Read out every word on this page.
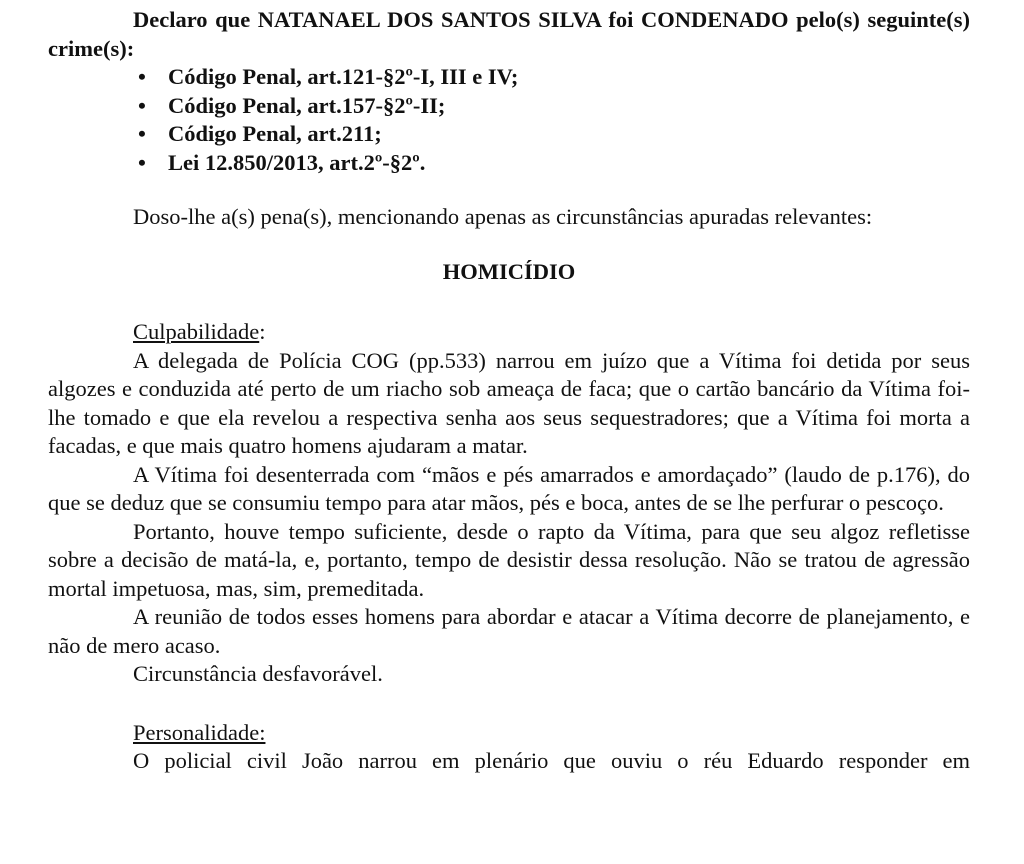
Declaro que NATANAEL DOS SANTOS SILVA foi CONDENADO pelo(s) seguinte(s) crime(s):

• Código Penal, art.121-§2º-I, III e IV;
• Código Penal, art.157-§2º-II;
• Código Penal, art.211;
• Lei 12.850/2013, art.2º-§2º.

Doso-lhe a(s) pena(s), mencionando apenas as circunstâncias apuradas relevantes:

HOMICÍDIO

Culpabilidade:

A delegada de Polícia COG (pp.533) narrou em juízo que a Vítima foi detida por seus algozes e conduzida até perto de um riacho sob ameaça de faca; que o cartão bancário da Vítima foi-lhe tomado e que ela revelou a respectiva senha aos seus sequestradores; que a Vítima foi morta a facadas, e que mais quatro homens ajudaram a matar.

A Vítima foi desenterrada com “mãos e pés amarrados e amordaçado” (laudo de p.176), do que se deduz que se consumiu tempo para atar mãos, pés e boca, antes de se lhe perfurar o pescoço.

Portanto, houve tempo suficiente, desde o rapto da Vítima, para que seu algoz refletisse sobre a decisão de matá-la, e, portanto, tempo de desistir dessa resolução. Não se tratou de agressão mortal impetuosa, mas, sim, premeditada.

A reunião de todos esses homens para abordar e atacar a Vítima decorre de planejamento, e não de mero acaso.

Circunstância desfavorável.

Personalidade:

O policial civil João narrou em plenário que ouviu o réu Eduardo responder em
